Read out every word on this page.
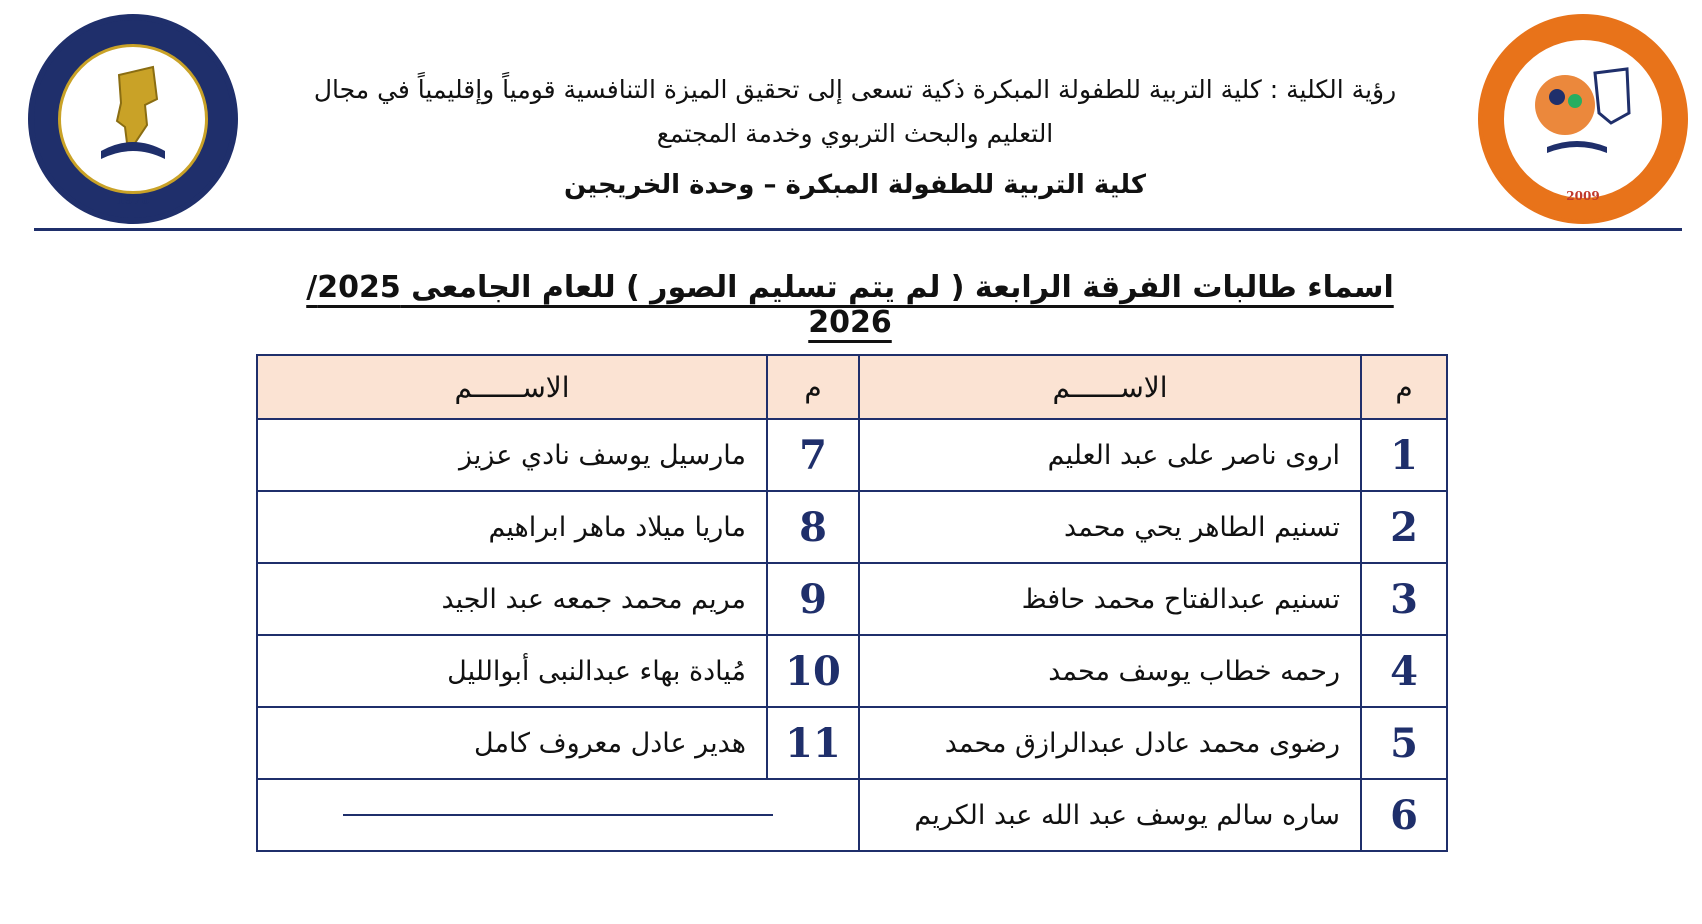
1976	2009
رؤية الكلية : كلية التربية للطفولة المبكرة ذكية تسعى إلى تحقيق الميزة التنافسية قومياً وإقليمياً في مجال
التعليم والبحث التربوي وخدمة المجتمع
كلية التربية للطفولة المبكرة – وحدة الخريجين
اسماء طالبات الفرقة الرابعة ( لم يتم تسليم الصور ) للعام الجامعى 2025/ 2026
م	الاســــــم	م	الاســــــم
1	اروى ناصر على عبد العليم	7	مارسيل يوسف نادي عزيز
2	تسنيم الطاهر يحي محمد	8	ماريا ميلاد ماهر ابراهيم
3	تسنيم عبدالفتاح محمد حافظ	9	مريم محمد جمعه عبد الجيد
4	رحمه خطاب يوسف محمد	10	مُيادة بهاء عبدالنبى أبوالليل
5	رضوى محمد عادل عبدالرازق محمد	11	هدير عادل معروف كامل
6	ساره سالم يوسف عبد الله عبد الكريم		
